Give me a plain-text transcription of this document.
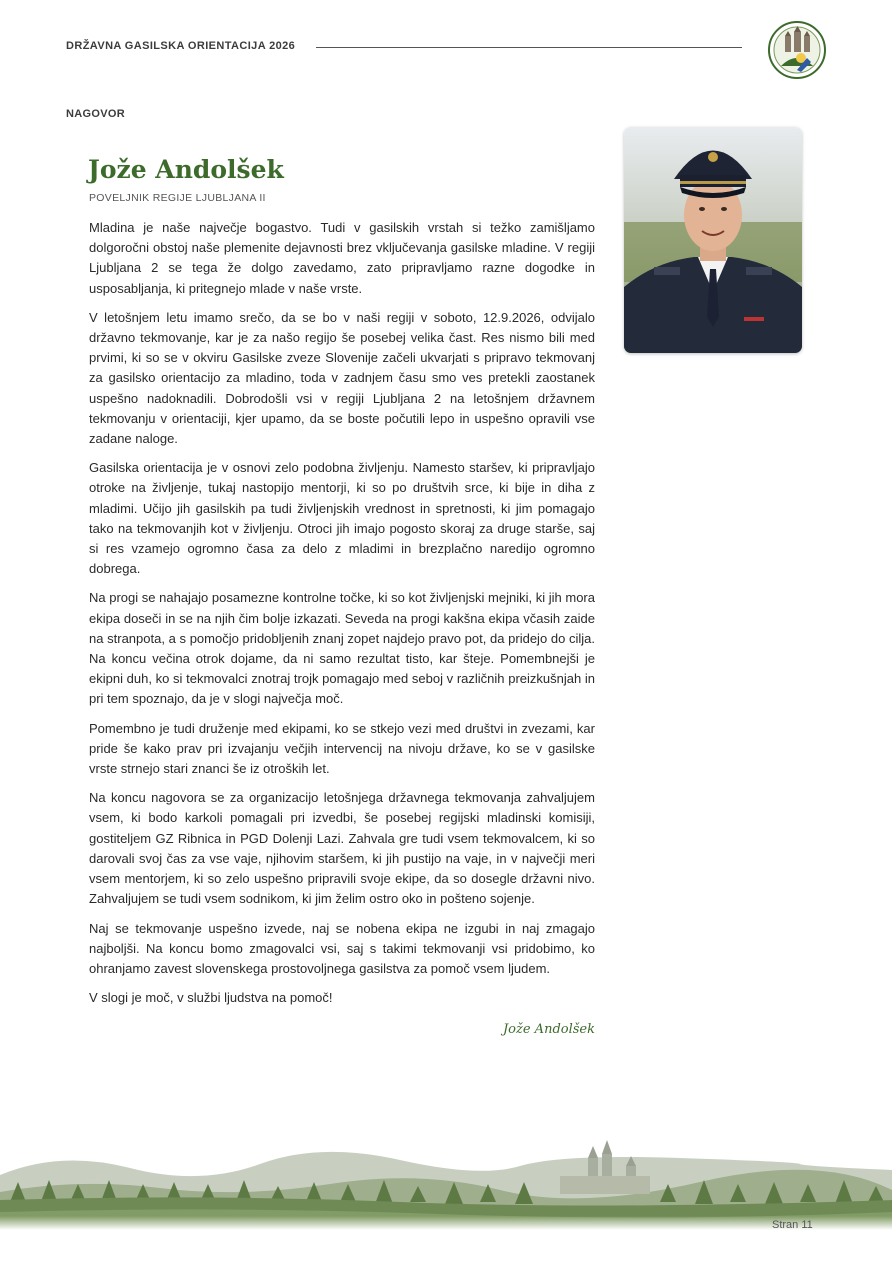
DRŽAVNA GASILSKA ORIENTACIJA 2026
NAGOVOR
Jože Andolšek
POVELJNIK REGIJE LJUBLJANA II

Mladina je naše največje bogastvo. Tudi v gasilskih vrstah si težko zamišljamo dolgoročni obstoj naše plemenite dejavnosti brez vključevanja gasilske mladine. V regiji Ljubljana 2 se tega že dolgo zavedamo, zato pripravljamo razne dogodke in usposabljanja, ki pritegnejo mlade v naše vrste.

V letošnjem letu imamo srečo, da se bo v naši regiji v soboto, 12.9.2026, odvijalo državno tekmovanje, kar je za našo regijo še posebej velika čast. Res nismo bili med prvimi, ki so se v okviru Gasilske zveze Slovenije začeli ukvarjati s pripravo tekmovanj za gasilsko orientacijo za mladino, toda v zadnjem času smo ves pretekli zaostanek uspešno nadoknadili. Dobrodošli vsi v regiji Ljubljana 2 na letošnjem državnem tekmovanju v orientaciji, kjer upamo, da se boste počutili lepo in uspešno opravili vse zadane naloge.

Gasilska orientacija je v osnovi zelo podobna življenju. Namesto staršev, ki pripravljajo otroke na življenje, tukaj nastopijo mentorji, ki so po društvih srce, ki bije in diha z mladimi. Učijo jih gasilskih pa tudi življenjskih vrednost in spretnosti, ki jim pomagajo tako na tekmovanjih kot v življenju. Otroci jih imajo pogosto skoraj za druge starše, saj si res vzamejo ogromno časa za delo z mladimi in brezplačno naredijo ogromno dobrega.

Na progi se nahajajo posamezne kontrolne točke, ki so kot življenjski mejniki, ki jih mora ekipa doseči in se na njih čim bolje izkazati. Seveda na progi kakšna ekipa včasih zaide na stranpota, a s pomočjo pridobljenih znanj zopet najdejo pravo pot, da pridejo do cilja. Na koncu večina otrok dojame, da ni samo rezultat tisto, kar šteje. Pomembnejši je ekipni duh, ko si tekmovalci znotraj trojk pomagajo med seboj v različnih preizkušnjah in pri tem spoznajo, da je v slogi največja moč.

Pomembno je tudi druženje med ekipami, ko se stkejo vezi med društvi in zvezami, kar pride še kako prav pri izvajanju večjih intervencij na nivoju države, ko se v gasilske vrste strnejo stari znanci še iz otroških let.

Na koncu nagovora se za organizacijo letošnjega državnega tekmovanja zahvaljujem vsem, ki bodo karkoli pomagali pri izvedbi, še posebej regijski mladinski komisiji, gostiteljem GZ Ribnica in PGD Dolenji Lazi. Zahvala gre tudi vsem tekmovalcem, ki so darovali svoj čas za vse vaje, njihovim staršem, ki jih pustijo na vaje, in v največji meri vsem mentorjem, ki so zelo uspešno pripravili svoje ekipe, da so dosegle državni nivo. Zahvaljujem se tudi vsem sodnikom, ki jim želim ostro oko in pošteno sojenje.

Naj se tekmovanje uspešno izvede, naj se nobena ekipa ne izgubi in naj zmagajo najboljši. Na koncu bomo zmagovalci vsi, saj s takimi tekmovanji vsi pridobimo, ko ohranjamo zavest slovenskega prostovoljnega gasilstva za pomoč vsem ljudem.

V slogi je moč, v službi ljudstva na pomoč!

Jože Andolšek
Stran 11
